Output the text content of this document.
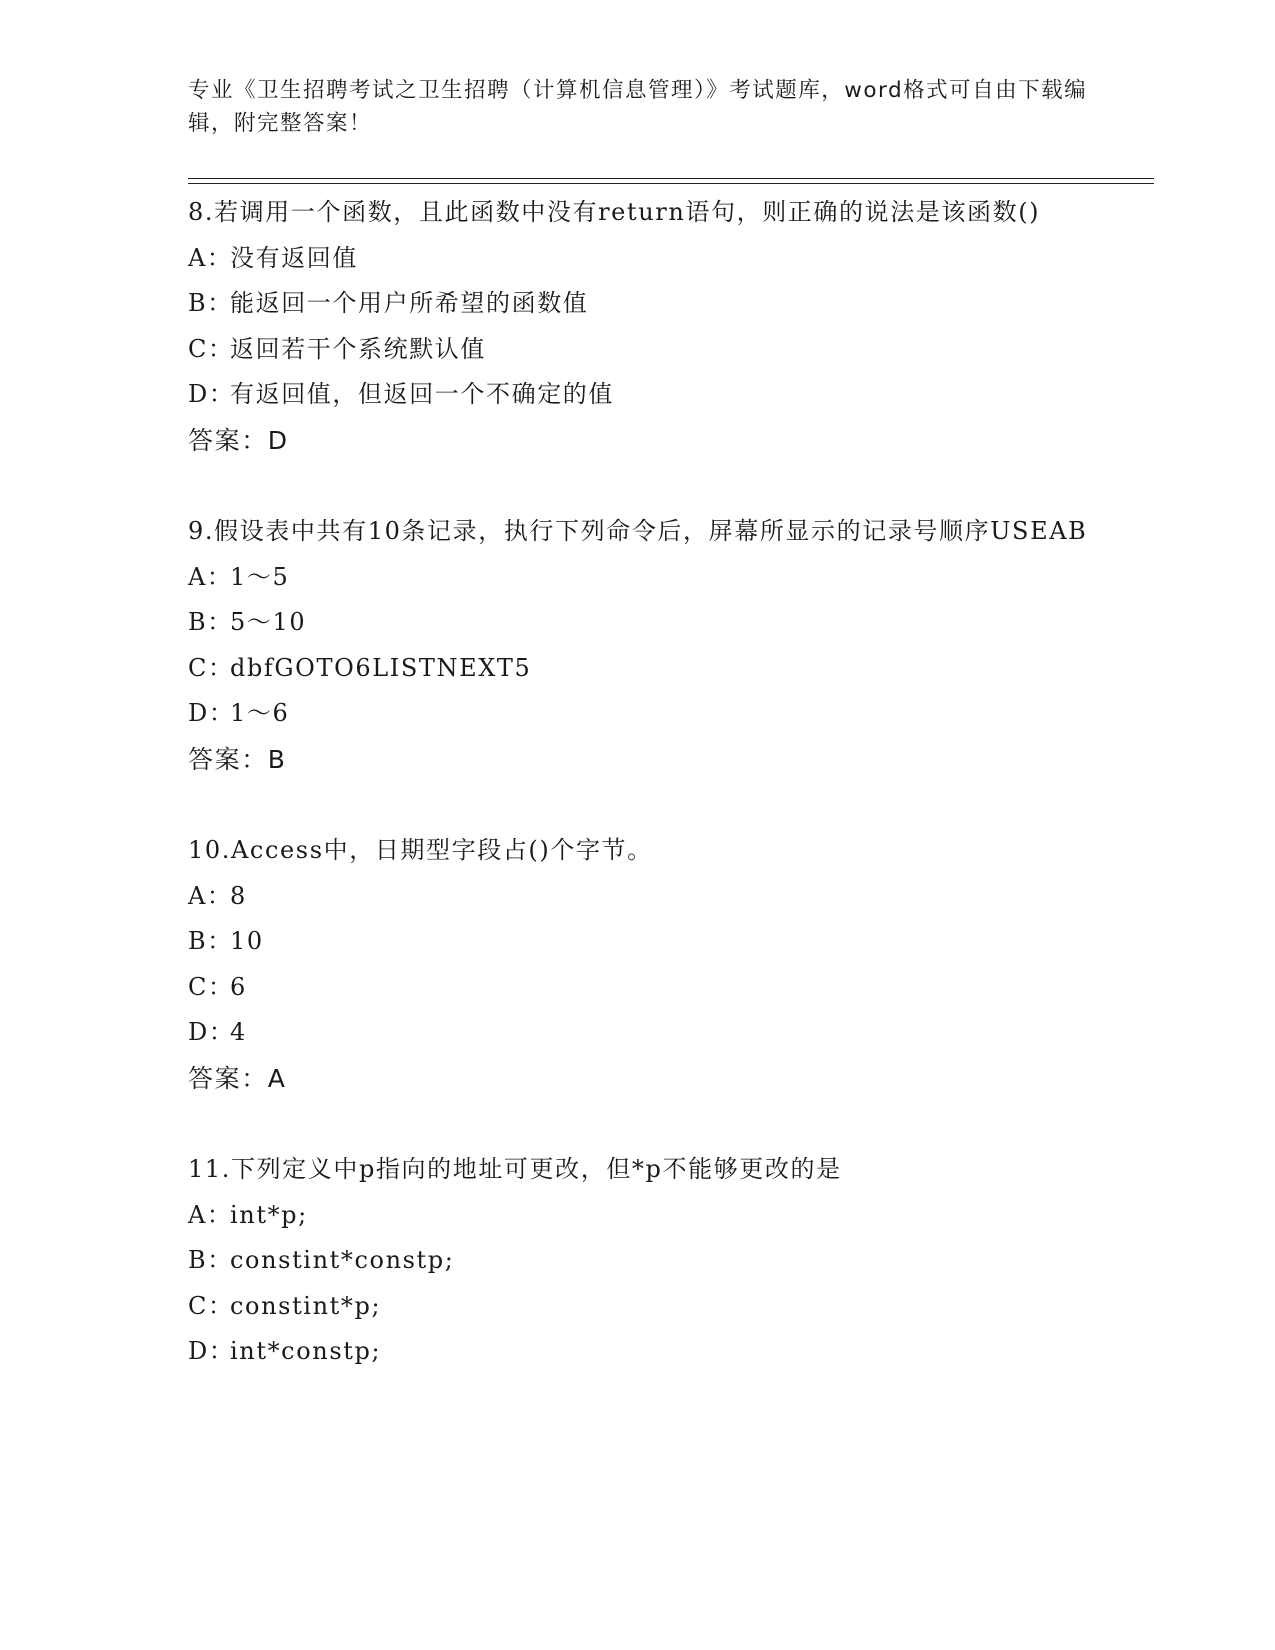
专业《卫生招聘考试之卫生招聘（计算机信息管理）》考试题库，word格式可自由下载编辑，附完整答案！

8.若调用一个函数，且此函数中没有return语句，则正确的说法是该函数()

A：
没有返回值

B：
能返回一个用户所希望的函数值

C：
返回若干个系统默认值

D：
有返回值，但返回一个不确定的值

答案：D

9.假设表中共有10条记录，执行下列命令后，屏幕所显示的记录号顺序USEAB

A：
1～5

B：
5～10

C：
dbfGOTO6LISTNEXT5

D：
1～6

答案：B

10.Access中，日期型字段占()个字节。

A：
8

B：
10

C：
6

D：
4

答案：A

11.下列定义中p指向的地址可更改，但*p不能够更改的是

A：
int*p;

B：
constint*constp;

C：
constint*p;

D：
int*constp;
